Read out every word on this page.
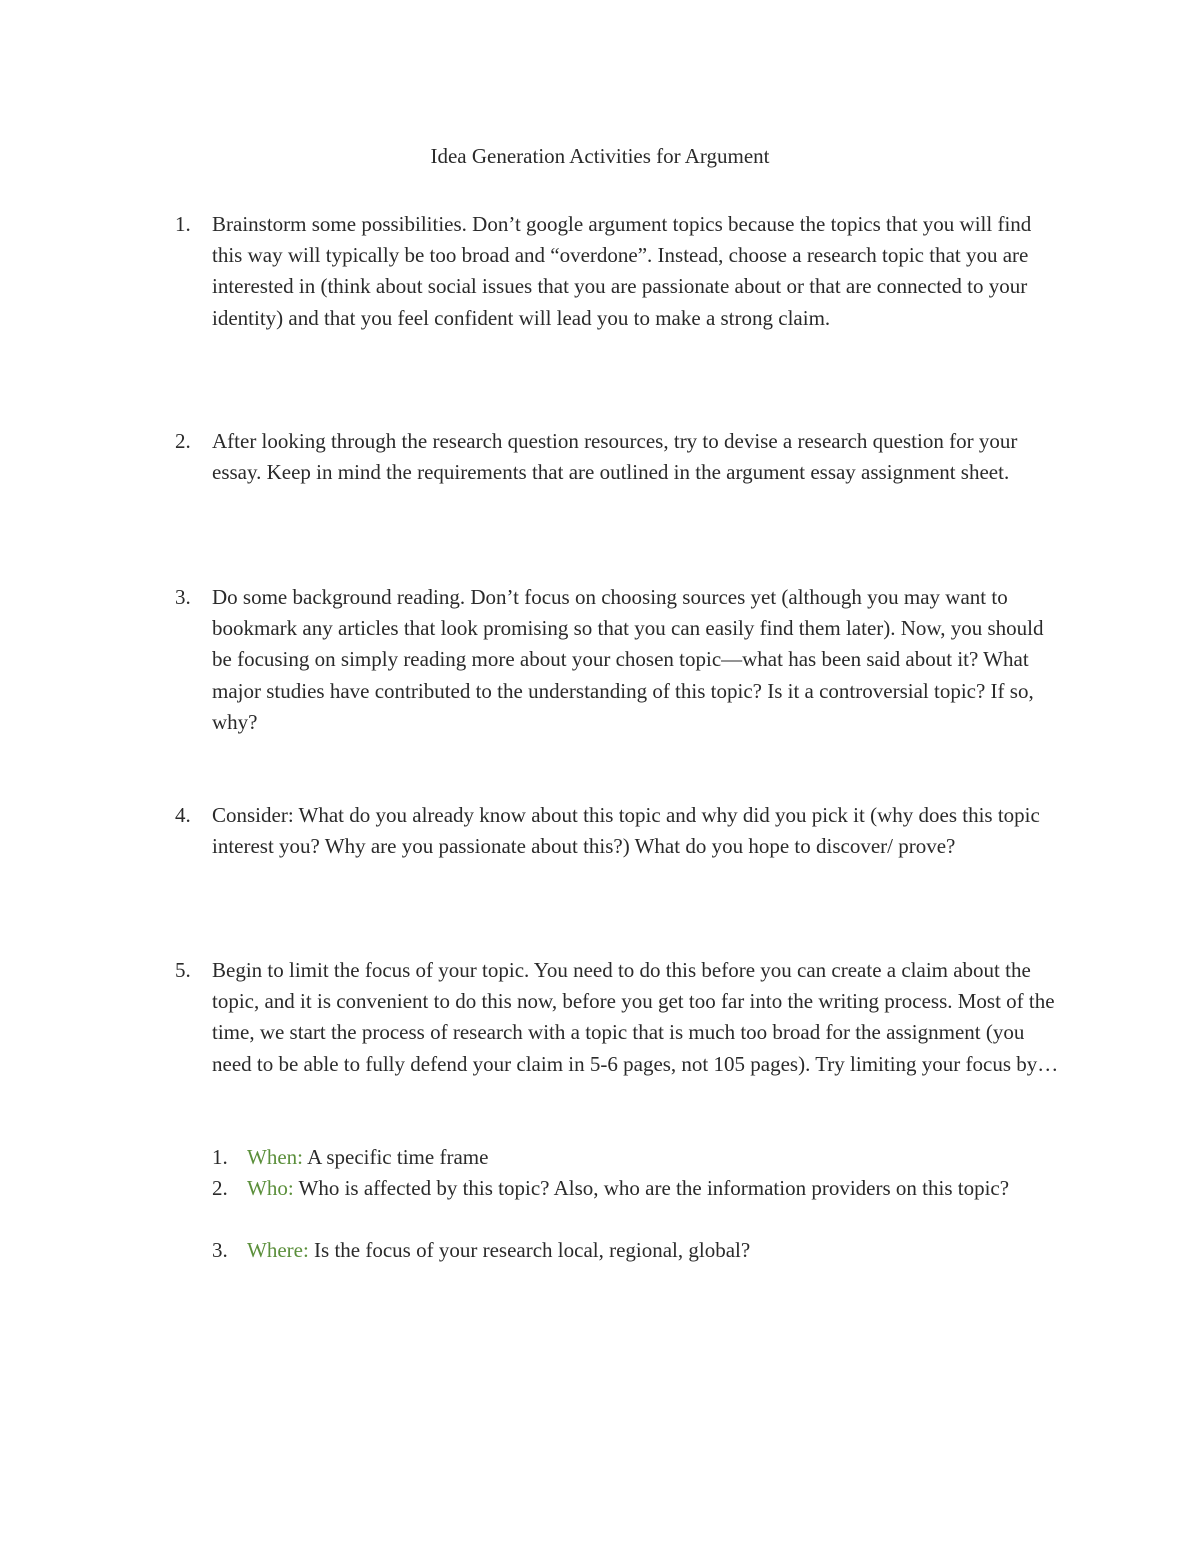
Idea Generation Activities for Argument
1.	Brainstorm some possibilities. Don’t google argument topics because the topics that you will find this way will typically be too broad and “overdone”. Instead, choose a research topic that you are interested in (think about social issues that you are passionate about or that are connected to your identity) and that you feel confident will lead you to make a strong claim.
2.	After looking through the research question resources, try to devise a research question for your essay. Keep in mind the requirements that are outlined in the argument essay assignment sheet.
3.	Do some background reading. Don’t focus on choosing sources yet (although you may want to bookmark any articles that look promising so that you can easily find them later). Now, you should be focusing on simply reading more about your chosen topic—what has been said about it? What major studies have contributed to the understanding of this topic? Is it a controversial topic? If so, why?
4.	Consider: What do you already know about this topic and why did you pick it (why does this topic interest you? Why are you passionate about this?) What do you hope to discover/ prove?
5.	Begin to limit the focus of your topic. You need to do this before you can create a claim about the topic, and it is convenient to do this now, before you get too far into the writing process. Most of the time, we start the process of research with a topic that is much too broad for the assignment (you need to be able to fully defend your claim in 5-6 pages, not 105 pages). Try limiting your focus by…
1. When: A specific time frame
2. Who: Who is affected by this topic? Also, who are the information providers on this topic?
3. Where: Is the focus of your research local, regional, global?
